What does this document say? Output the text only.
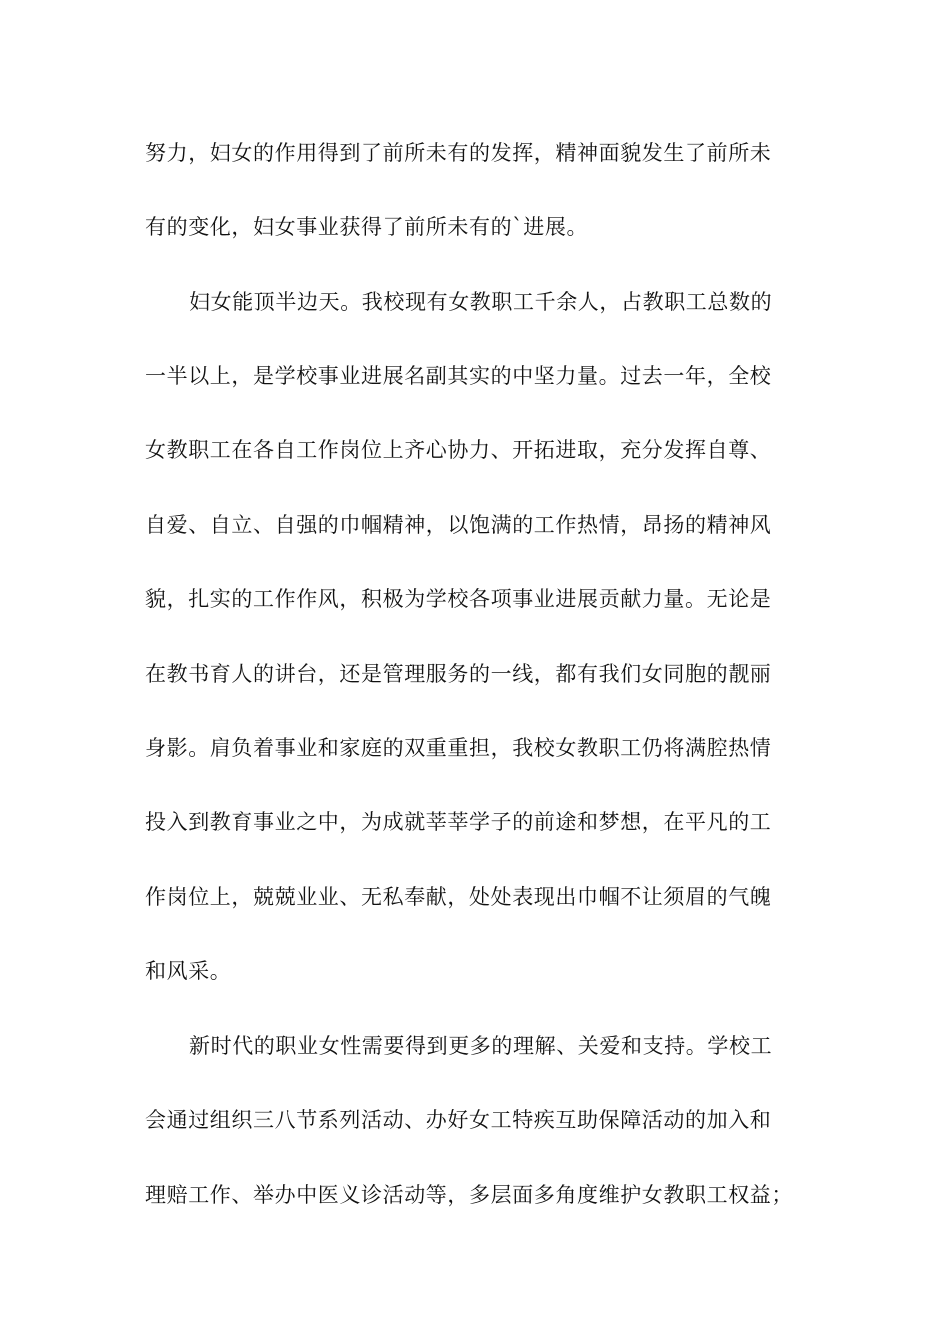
努力，妇女的作用得到了前所未有的发挥，精神面貌发生了前所未
有的变化，妇女事业获得了前所未有的`进展。
妇女能顶半边天。我校现有女教职工千余人，占教职工总数的
一半以上，是学校事业进展名副其实的中坚力量。过去一年，全校
女教职工在各自工作岗位上齐心协力、开拓进取，充分发挥自尊、
自爱、自立、自强的巾帼精神，以饱满的工作热情，昂扬的精神风
貌，扎实的工作作风，积极为学校各项事业进展贡献力量。无论是
在教书育人的讲台，还是管理服务的一线，都有我们女同胞的靓丽
身影。肩负着事业和家庭的双重重担，我校女教职工仍将满腔热情
投入到教育事业之中，为成就莘莘学子的前途和梦想，在平凡的工
作岗位上，兢兢业业、无私奉献，处处表现出巾帼不让须眉的气魄
和风采。
新时代的职业女性需要得到更多的理解、关爱和支持。学校工
会通过组织三八节系列活动、办好女工特疾互助保障活动的加入和
理赔工作、举办中医义诊活动等，多层面多角度维护女教职工权益；
